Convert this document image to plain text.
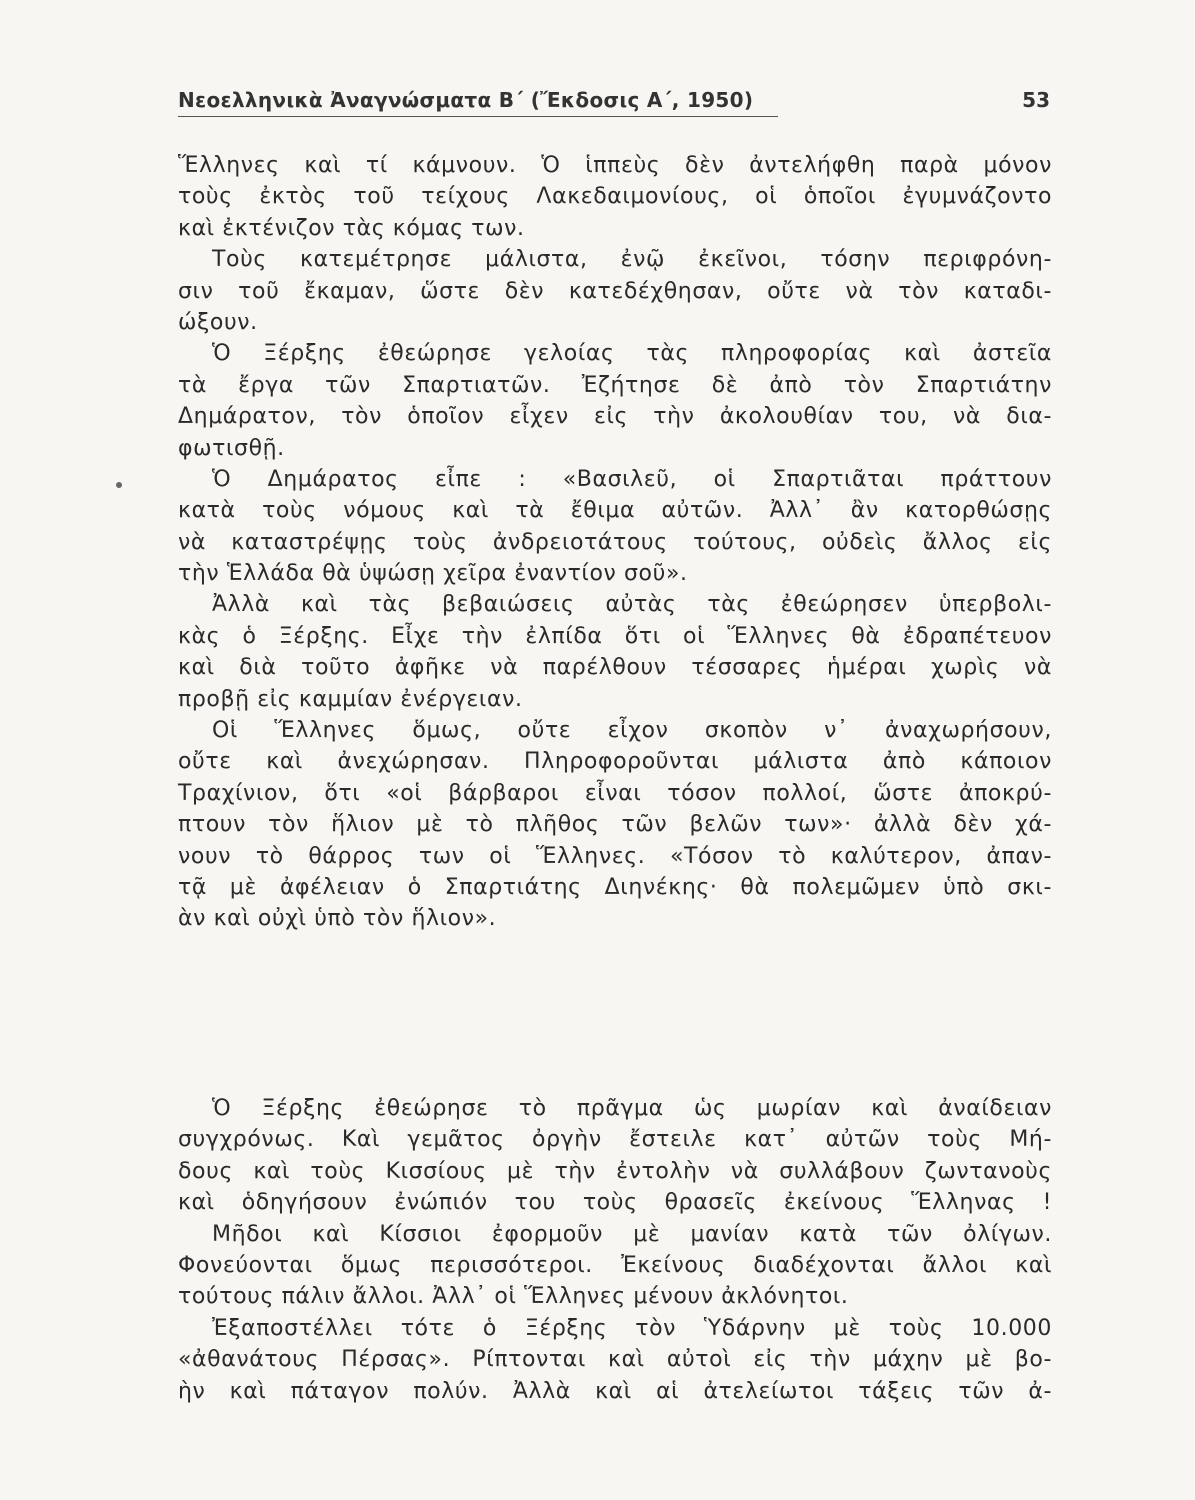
Νεοελληνικὰ Ἀναγνώσματα Β΄ (Ἔκδοσις Α΄, 1950)	53
Ἕλληνες καὶ τί κάμνουν. Ὁ ἱππεὺς δὲν ἀντελήφθη παρὰ μόνον
τοὺς ἐκτὸς τοῦ τείχους Λακεδαιμονίους, οἱ ὁποῖοι ἐγυμνάζοντο
καὶ ἐκτένιζον τὰς κόμας των.
Τοὺς κατεμέτρησε μάλιστα, ἐνῷ ἐκεῖνοι, τόσην περιφρόνη-
σιν τοῦ ἔκαμαν, ὥστε δὲν κατεδέχθησαν, οὔτε νὰ τὸν καταδι-
ώξουν.
Ὁ Ξέρξης ἐθεώρησε γελοίας τὰς πληροφορίας καὶ ἀστεῖα
τὰ ἔργα τῶν Σπαρτιατῶν. Ἐζήτησε δὲ ἀπὸ τὸν Σπαρτιάτην
Δημάρατον, τὸν ὁποῖον εἶχεν εἰς τὴν ἀκολουθίαν του, νὰ δια-
φωτισθῇ.
Ὁ Δημάρατος εἶπε : «Βασιλεῦ, οἱ Σπαρτιᾶται πράττουν
κατὰ τοὺς νόμους καὶ τὰ ἔθιμα αὐτῶν. Ἀλλ᾽ ἂν κατορθώσῃς
νὰ καταστρέψῃς τοὺς ἀνδρειοτάτους τούτους, οὐδεὶς ἄλλος εἰς
τὴν Ἑλλάδα θὰ ὑψώσῃ χεῖρα ἐναντίον σοῦ».
Ἀλλὰ καὶ τὰς βεβαιώσεις αὐτὰς τὰς ἐθεώρησεν ὑπερβολι-
κὰς ὁ Ξέρξης. Εἶχε τὴν ἐλπίδα ὅτι οἱ Ἕλληνες θὰ ἐδραπέτευον
καὶ διὰ τοῦτο ἀφῆκε νὰ παρέλθουν τέσσαρες ἡμέραι χωρὶς νὰ
προβῇ εἰς καμμίαν ἐνέργειαν.
Οἱ Ἕλληνες ὅμως, οὔτε εἶχον σκοπὸν ν᾽ ἀναχωρήσουν,
οὔτε καὶ ἀνεχώρησαν. Πληροφοροῦνται μάλιστα ἀπὸ κάποιον
Τραχίνιον, ὅτι «οἱ βάρβαροι εἶναι τόσον πολλοί, ὥστε ἀποκρύ-
πτουν τὸν ἥλιον μὲ τὸ πλῆθος τῶν βελῶν των»· ἀλλὰ δὲν χά-
νουν τὸ θάρρος των οἱ Ἕλληνες. «Τόσον τὸ καλύτερον, ἀπαν-
τᾷ μὲ ἀφέλειαν ὁ Σπαρτιάτης Διηνέκης· θὰ πολεμῶμεν ὑπὸ σκι-
ὰν καὶ οὐχὶ ὑπὸ τὸν ἥλιον».
Ὁ Ξέρξης ἐθεώρησε τὸ πρᾶγμα ὡς μωρίαν καὶ ἀναίδειαν
συγχρόνως. Καὶ γεμᾶτος ὀργὴν ἔστειλε κατ᾽ αὐτῶν τοὺς Μή-
δους καὶ τοὺς Κισσίους μὲ τὴν ἐντολὴν νὰ συλλάβουν ζωντανοὺς
καὶ ὁδηγήσουν ἐνώπιόν του τοὺς θρασεῖς ἐκείνους Ἕλληνας !
Μῆδοι καὶ Κίσσιοι ἐφορμοῦν μὲ μανίαν κατὰ τῶν ὀλίγων.
Φονεύονται ὅμως περισσότεροι. Ἐκείνους διαδέχονται ἄλλοι καὶ
τούτους πάλιν ἄλλοι. Ἀλλ᾽ οἱ Ἕλληνες μένουν ἀκλόνητοι.
Ἐξαποστέλλει τότε ὁ Ξέρξης τὸν Ὑδάρνην μὲ τοὺς 10.000
«ἀθανάτους Πέρσας». Ρίπτονται καὶ αὐτοὶ εἰς τὴν μάχην μὲ βο-
ὴν καὶ πάταγον πολύν. Ἀλλὰ καὶ αἱ ἀτελείωτοι τάξεις τῶν ἀ-
